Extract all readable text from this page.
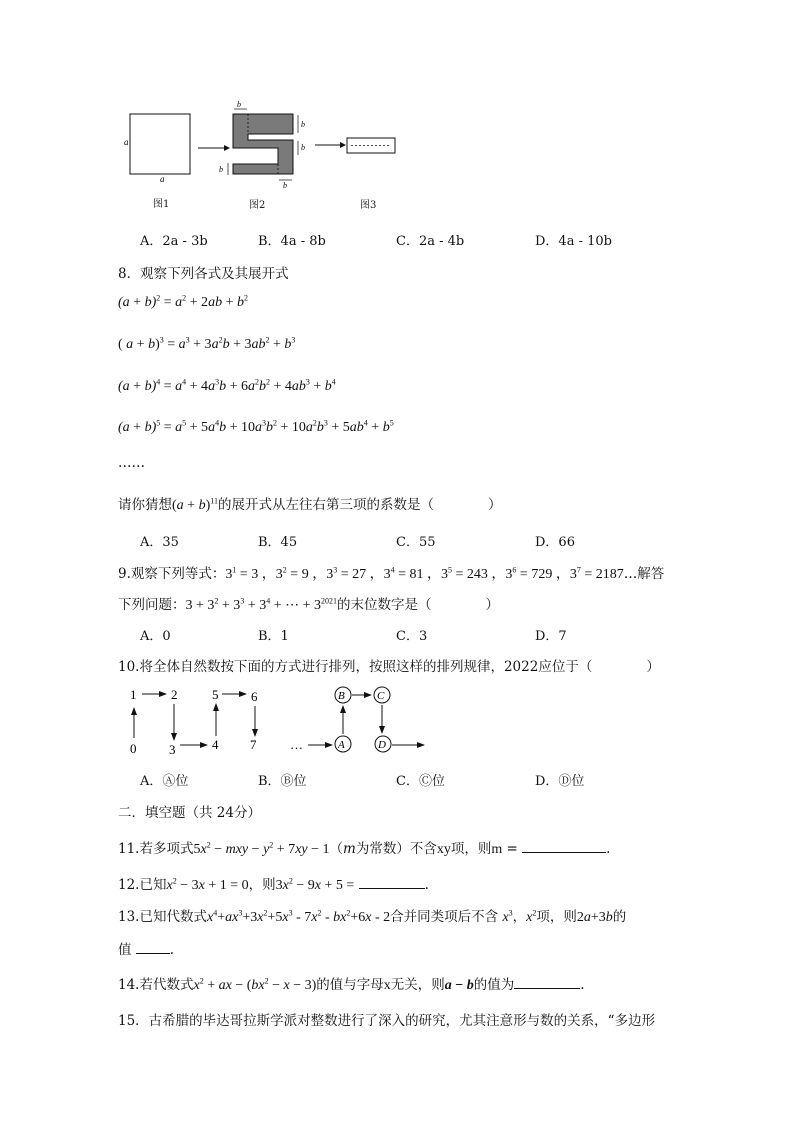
a
a
b
b
b
b
b
图1	图2	图3
A．2a - 3b	B．4a - 8b	C．2a - 4b	D．4a - 10b
8．观察下列各式及其展开式
$(a + b)^2 = a^2 + 2ab + b^2$
( $a + b)^3 = a^3 + 3a^2b + 3ab^2 + b^3$
$(a + b)^4 = a^4 + 4a^3b + 6a^2b^2 + 4ab^3 + b^4$
$(a + b)^5 = a^5 + 5a^4b + 10a^3b^2 + 10a^2b^3 + 5ab^4 + b^5$
……
请你猜想$(a + b)^{11}$的展开式从左往右第三项的系数是（　　　　）
A．35	B．45	C．55	D．66
9.观察下列等式：$3^1 = 3$ ，$3^2 = 9$ ，$3^3 = 27$ ，$3^4 = 81$ ，$3^5 = 243$ ，$3^6 = 729$ ，$3^7$ = 2187…解答
下列问题：$3 + 3^2 + 3^3 + 3^4$ + ⋯ + $3^{2021}$的末位数字是（　　　　）
A．0	B．1	C．3	D．7
10.将全体自然数按下面的方式进行排列，按照这样的排列规律，2022应位于（　　　　）
1	2
0	3
5	6
4 7	…	A
B	C
D
A．Ⓐ位	B．Ⓑ位	C．Ⓒ位	D．Ⓓ位
二．填空题（共 24分）
11.若多项式$5x^2$ − mxy − $y^2 + 7xy - 1(m$为常数）不含xy项，则m =	.
12.已知$x^2 - 3x + 1 = 0$，则$3x^2 - 9x + 5$ =	.
13.已知代数式$x^4+ax^3+3x^2+5x^3 - 7x^2 - bx^2+6x - 2$合并同类项后不含 $x^3$，$x^2$项，则2a+3b的
值	.
14.若代数式$x^2$ + ax − $(bx^2 - x - 3)$的值与字母x无关，则a − b的值为	.
15．古希腊的毕达哥拉斯学派对整数进行了深入的研究，尤其注意形与数的关系，“多边形
